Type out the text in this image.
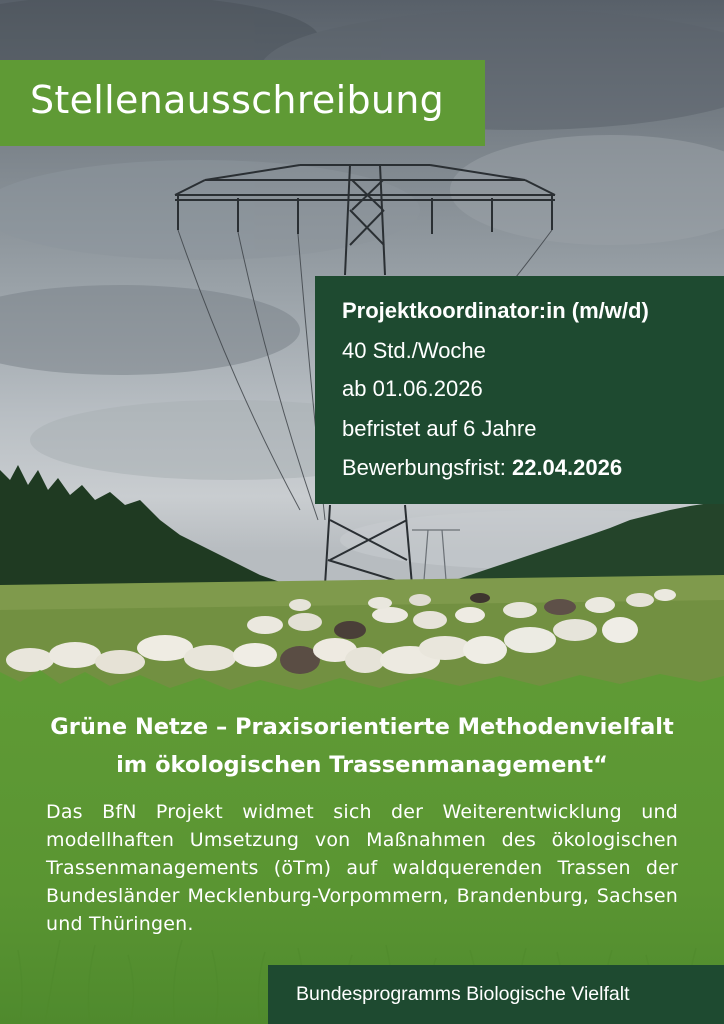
Stellenausschreibung
Projektkoordinator:in (m/w/d)
40 Std./Woche
ab 01.06.2026
befristet auf 6 Jahre
Bewerbungsfrist: 22.04.2026
Grüne Netze – Praxisorientierte Methodenvielfalt
im ökologischen Trassenmanagement“
Das BfN Projekt widmet sich der Weiterentwicklung und modellhaften Umsetzung von Maßnahmen des ökologischen Trassenmanagements (öTm) auf waldquerenden Trassen der Bundesländer Mecklenburg-Vorpommern, Brandenburg, Sachsen und Thüringen.
Bundesprogramms Biologische Vielfalt
